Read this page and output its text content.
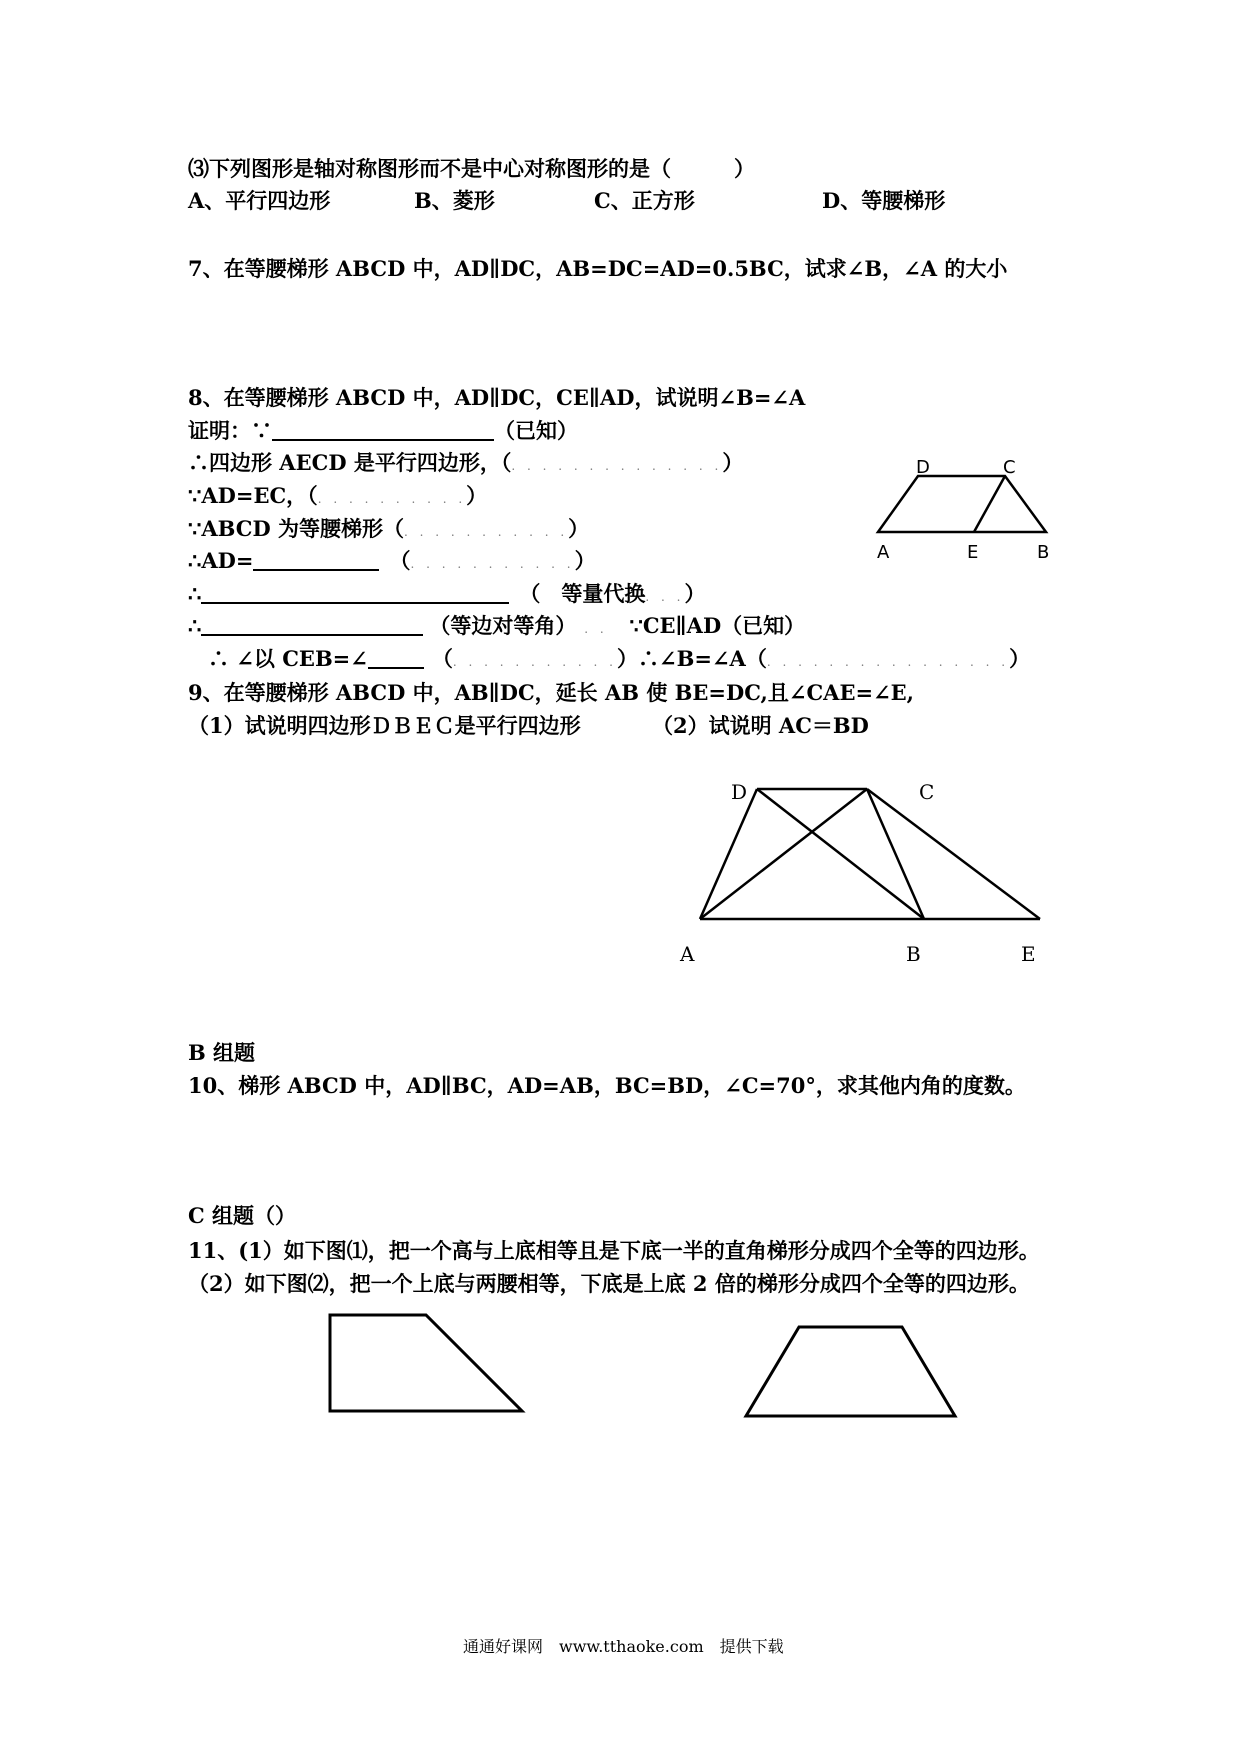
⑶下列图形是轴对称图形而不是中心对称图形的是（　　　）
A、平行四边形	B、菱形	C、正方形	D、等腰梯形
7、在等腰梯形 ABCD 中，AD∥DC，AB=DC=AD=0.5BC，试求∠B，∠A 的大小
8、在等腰梯形 ABCD 中，AD∥DC，CE∥AD，试说明∠B=∠A
证明：∵	（已知）
∴四边形 AECD 是平行四边形，（. . . . . . . . . . . . . .）
∵AD=EC，（. . . . . . . . . .）
∵ABCD 为等腰梯形（. . . . . . . . . . .）
∴AD=	（. . . . . . . . . . .）
∴	（　等量代换. . .）
∴	（等边对等角） . . ∵CE∥AD（已知）
∴ ∠以 CEB=∠	（. . . . . . . . . . .）∴∠B=∠A（. . . . . . . . . . . . . . . .）
9、在等腰梯形 ABCD 中，AB∥DC，延长 AB 使 BE=DC,且∠CAE=∠E,
（1）试说明四边形ＤＢＥＣ是平行四边形	（2）试说明 AC＝BD
B 组题
10、梯形 ABCD 中，AD∥BC，AD=AB，BC=BD，∠C=70°，求其他内角的度数。
C 组题（）
11、(1）如下图⑴，把一个高与上底相等且是下底一半的直角梯形分成四个全等的四边形。
（2）如下图⑵，把一个上底与两腰相等，下底是上底 2 倍的梯形分成四个全等的四边形。
D	C
A	E	B
D	C
A	B	E
通通好课网　www.tthaoke.com　提供下载
